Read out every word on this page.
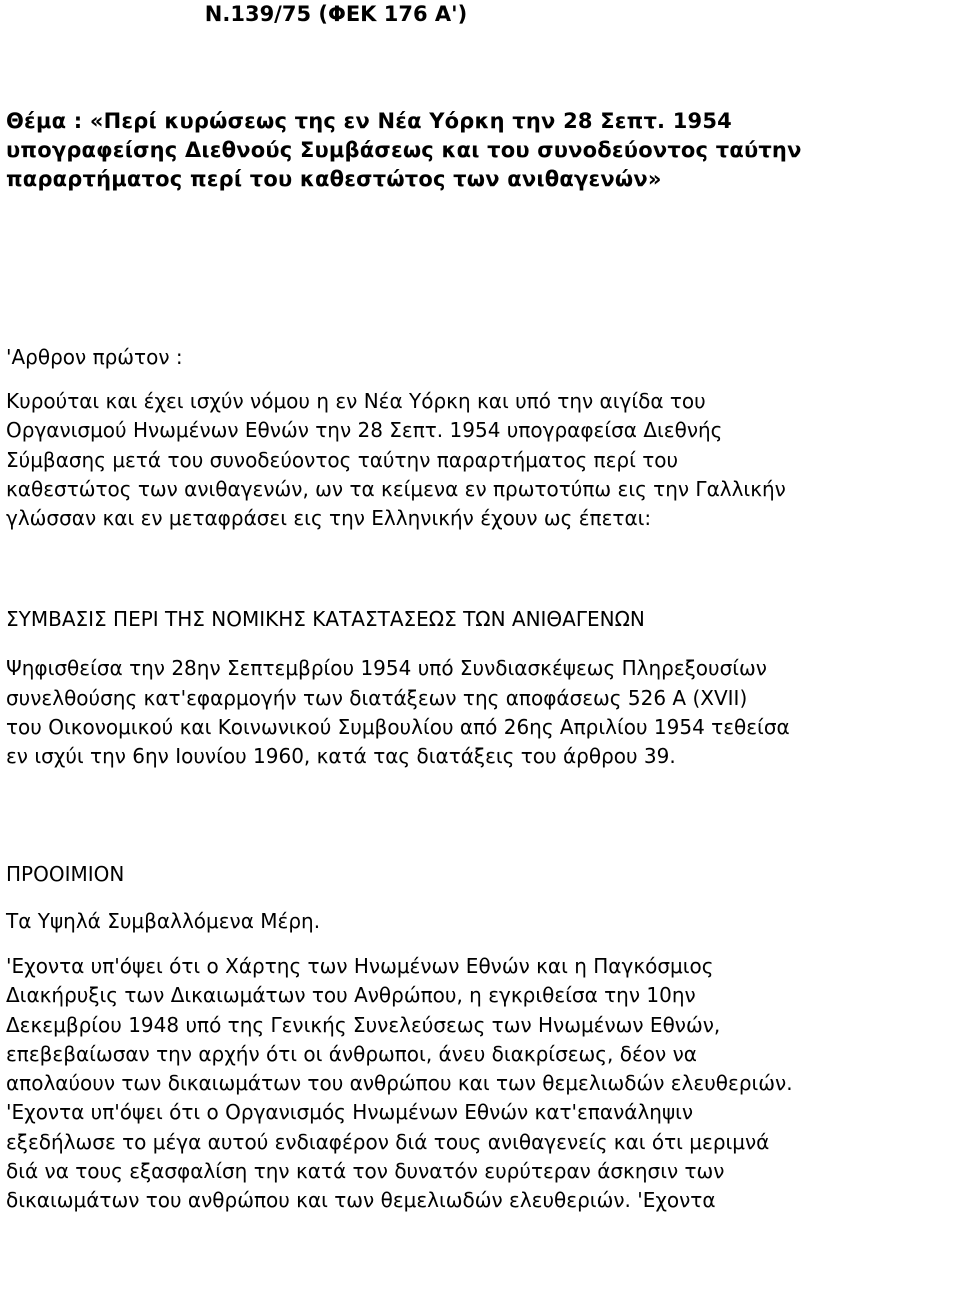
Ν.139/75 (ΦΕΚ 176 Α')
Θέμα : «Περί κυρώσεως της εν Νέα Υόρκη την 28 Σεπτ. 1954
υπογραφείσης Διεθνούς Συμβάσεως και του συνοδεύοντος ταύτην
παραρτήματος περί του καθεστώτος των ανιθαγενών»
'Αρθρον πρώτον :
Κυρούται και έχει ισχύν νόμου η εν Νέα Υόρκη και υπό την αιγίδα του
Οργανισμού Ηνωμένων Εθνών την 28 Σεπτ. 1954 υπογραφείσα Διεθνής
Σύμβασης μετά του συνοδεύοντος ταύτην παραρτήματος περί του
καθεστώτος των ανιθαγενών, ων τα κείμενα εν πρωτοτύπω εις την Γαλλικήν
γλώσσαν και εν μεταφράσει εις την Ελληνικήν έχουν ως έπεται:
ΣΥΜΒΑΣΙΣ ΠΕΡΙ ΤΗΣ ΝΟΜΙΚΗΣ ΚΑΤΑΣΤΑΣΕΩΣ ΤΩΝ ΑΝΙΘΑΓΕΝΩΝ
Ψηφισθείσα την 28ην Σεπτεμβρίου 1954 υπό Συνδιασκέψεως Πληρεξουσίων
συνελθούσης κατ'εφαρμογήν των διατάξεων της αποφάσεως 526 Α (XVII)
του Οικονομικού και Κοινωνικού Συμβουλίου από 26ης Απριλίου 1954 τεθείσα
εν ισχύι την 6ην Ιουνίου 1960, κατά τας διατάξεις του άρθρου 39.
ΠΡΟΟΙΜΙΟΝ
Τα Υψηλά Συμβαλλόμενα Μέρη.
'Εχοντα υπ'όψει ότι ο Χάρτης των Ηνωμένων Εθνών και η Παγκόσμιος
Διακήρυξις των Δικαιωμάτων του Ανθρώπου, η εγκριθείσα την 10ην
Δεκεμβρίου 1948 υπό της Γενικής Συνελεύσεως των Ηνωμένων Εθνών,
επεβεβαίωσαν την αρχήν ότι οι άνθρωποι, άνευ διακρίσεως, δέον να
απολαύουν των δικαιωμάτων του ανθρώπου και των θεμελιωδών ελευθεριών.
'Εχοντα υπ'όψει ότι ο Οργανισμός Ηνωμένων Εθνών κατ'επανάληψιν
εξεδήλωσε το μέγα αυτού ενδιαφέρον διά τους ανιθαγενείς και ότι μεριμνά
διά να τους εξασφαλίση την κατά τον δυνατόν ευρύτεραν άσκησιν των
δικαιωμάτων του ανθρώπου και των θεμελιωδών ελευθεριών. 'Εχοντα
